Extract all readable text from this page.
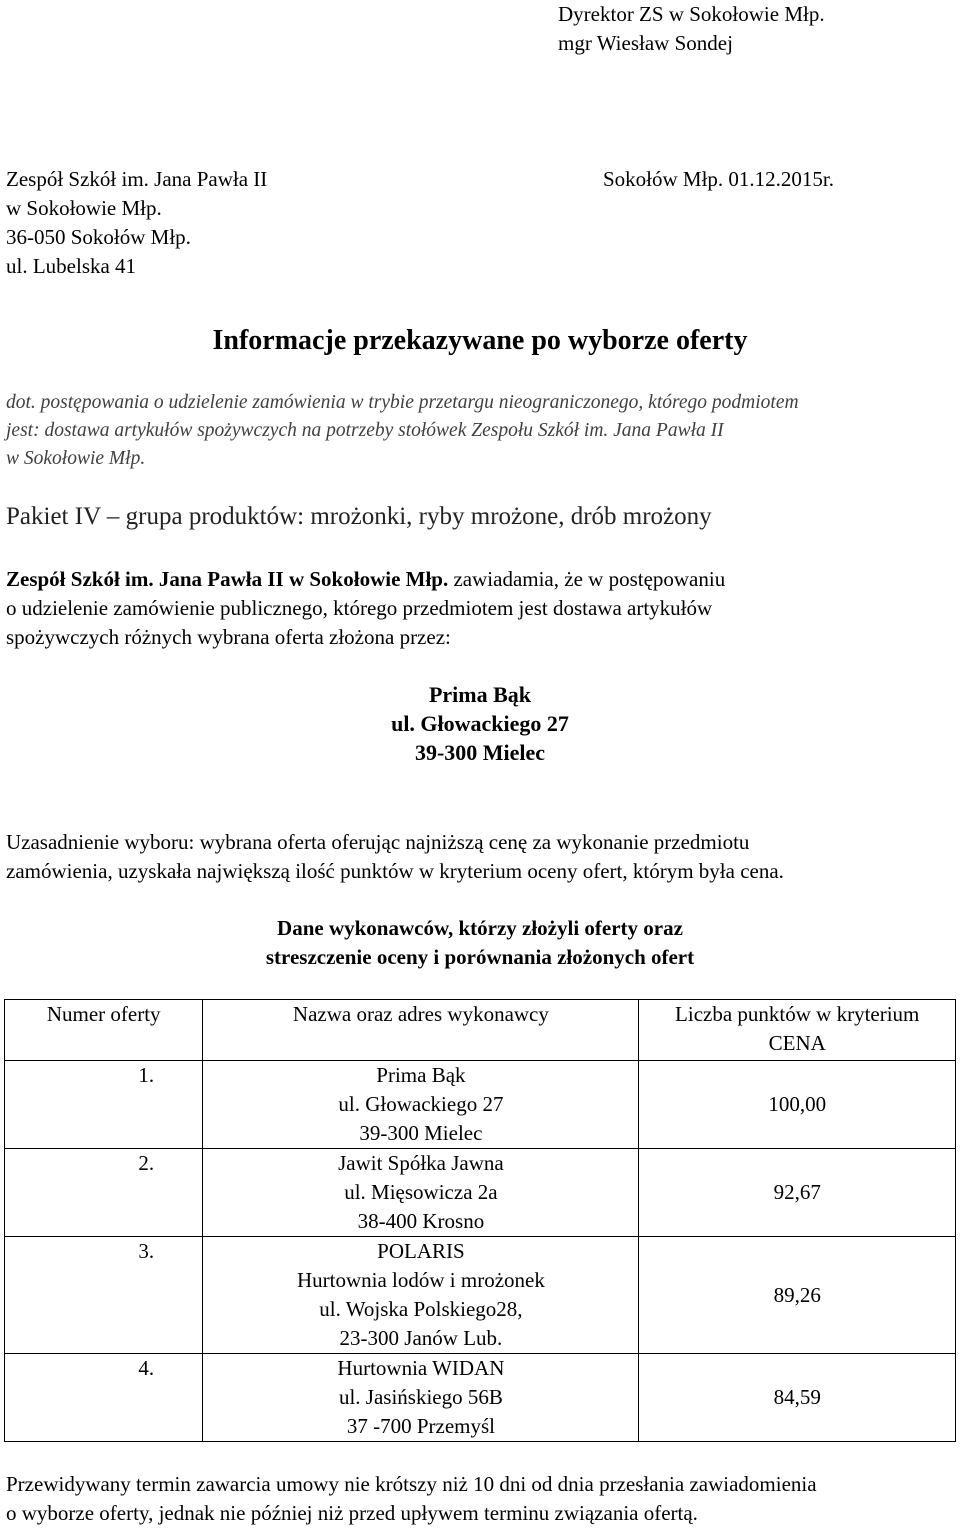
Dyrektor ZS w Sokołowie Młp.
mgr Wiesław Sondej
Zespół Szkół im. Jana Pawła II
w Sokołowie Młp.
36-050 Sokołów Młp.
ul. Lubelska 41
Sokołów Młp. 01.12.2015r.
Informacje przekazywane po wyborze oferty
dot. postępowania o udzielenie zamówienia w trybie przetargu nieograniczonego, którego podmiotem
jest: dostawa artykułów spożywczych na potrzeby stołówek Zespołu Szkół im. Jana Pawła II
w Sokołowie Młp.
Pakiet IV – grupa produktów: mrożonki, ryby mrożone, drób mrożony
Zespół Szkół im. Jana Pawła II w Sokołowie Młp. zawiadamia, że w postępowaniu
o udzielenie zamówienie publicznego, którego przedmiotem jest dostawa artykułów
spożywczych różnych wybrana oferta złożona przez:
Prima Bąk
ul. Głowackiego 27
39-300 Mielec
Uzasadnienie wyboru: wybrana oferta oferując najniższą cenę za wykonanie przedmiotu
zamówienia, uzyskała największą ilość punktów w kryterium oceny ofert, którym była cena.
Dane wykonawców, którzy złożyli oferty oraz
streszczenie oceny i porównania złożonych ofert
Numer oferty	Nazwa oraz adres wykonawcy	Liczba punktów w kryterium
CENA

1.	Prima Bąk
ul. Głowackiego 27
39-300 Mielec	100,00
2.	Jawit Spółka Jawna
ul. Mięsowicza 2a
38-400 Krosno	92,67
3.	POLARIS
Hurtownia lodów i mrożonek
ul. Wojska Polskiego28,
23-300 Janów Lub.	89,26
4.	Hurtownia WIDAN
ul. Jasińskiego 56B
37 -700 Przemyśl	84,59
Przewidywany termin zawarcia umowy nie krótszy niż 10 dni od dnia przesłania zawiadomienia
o wyborze oferty, jednak nie później niż przed upływem terminu związania ofertą.
